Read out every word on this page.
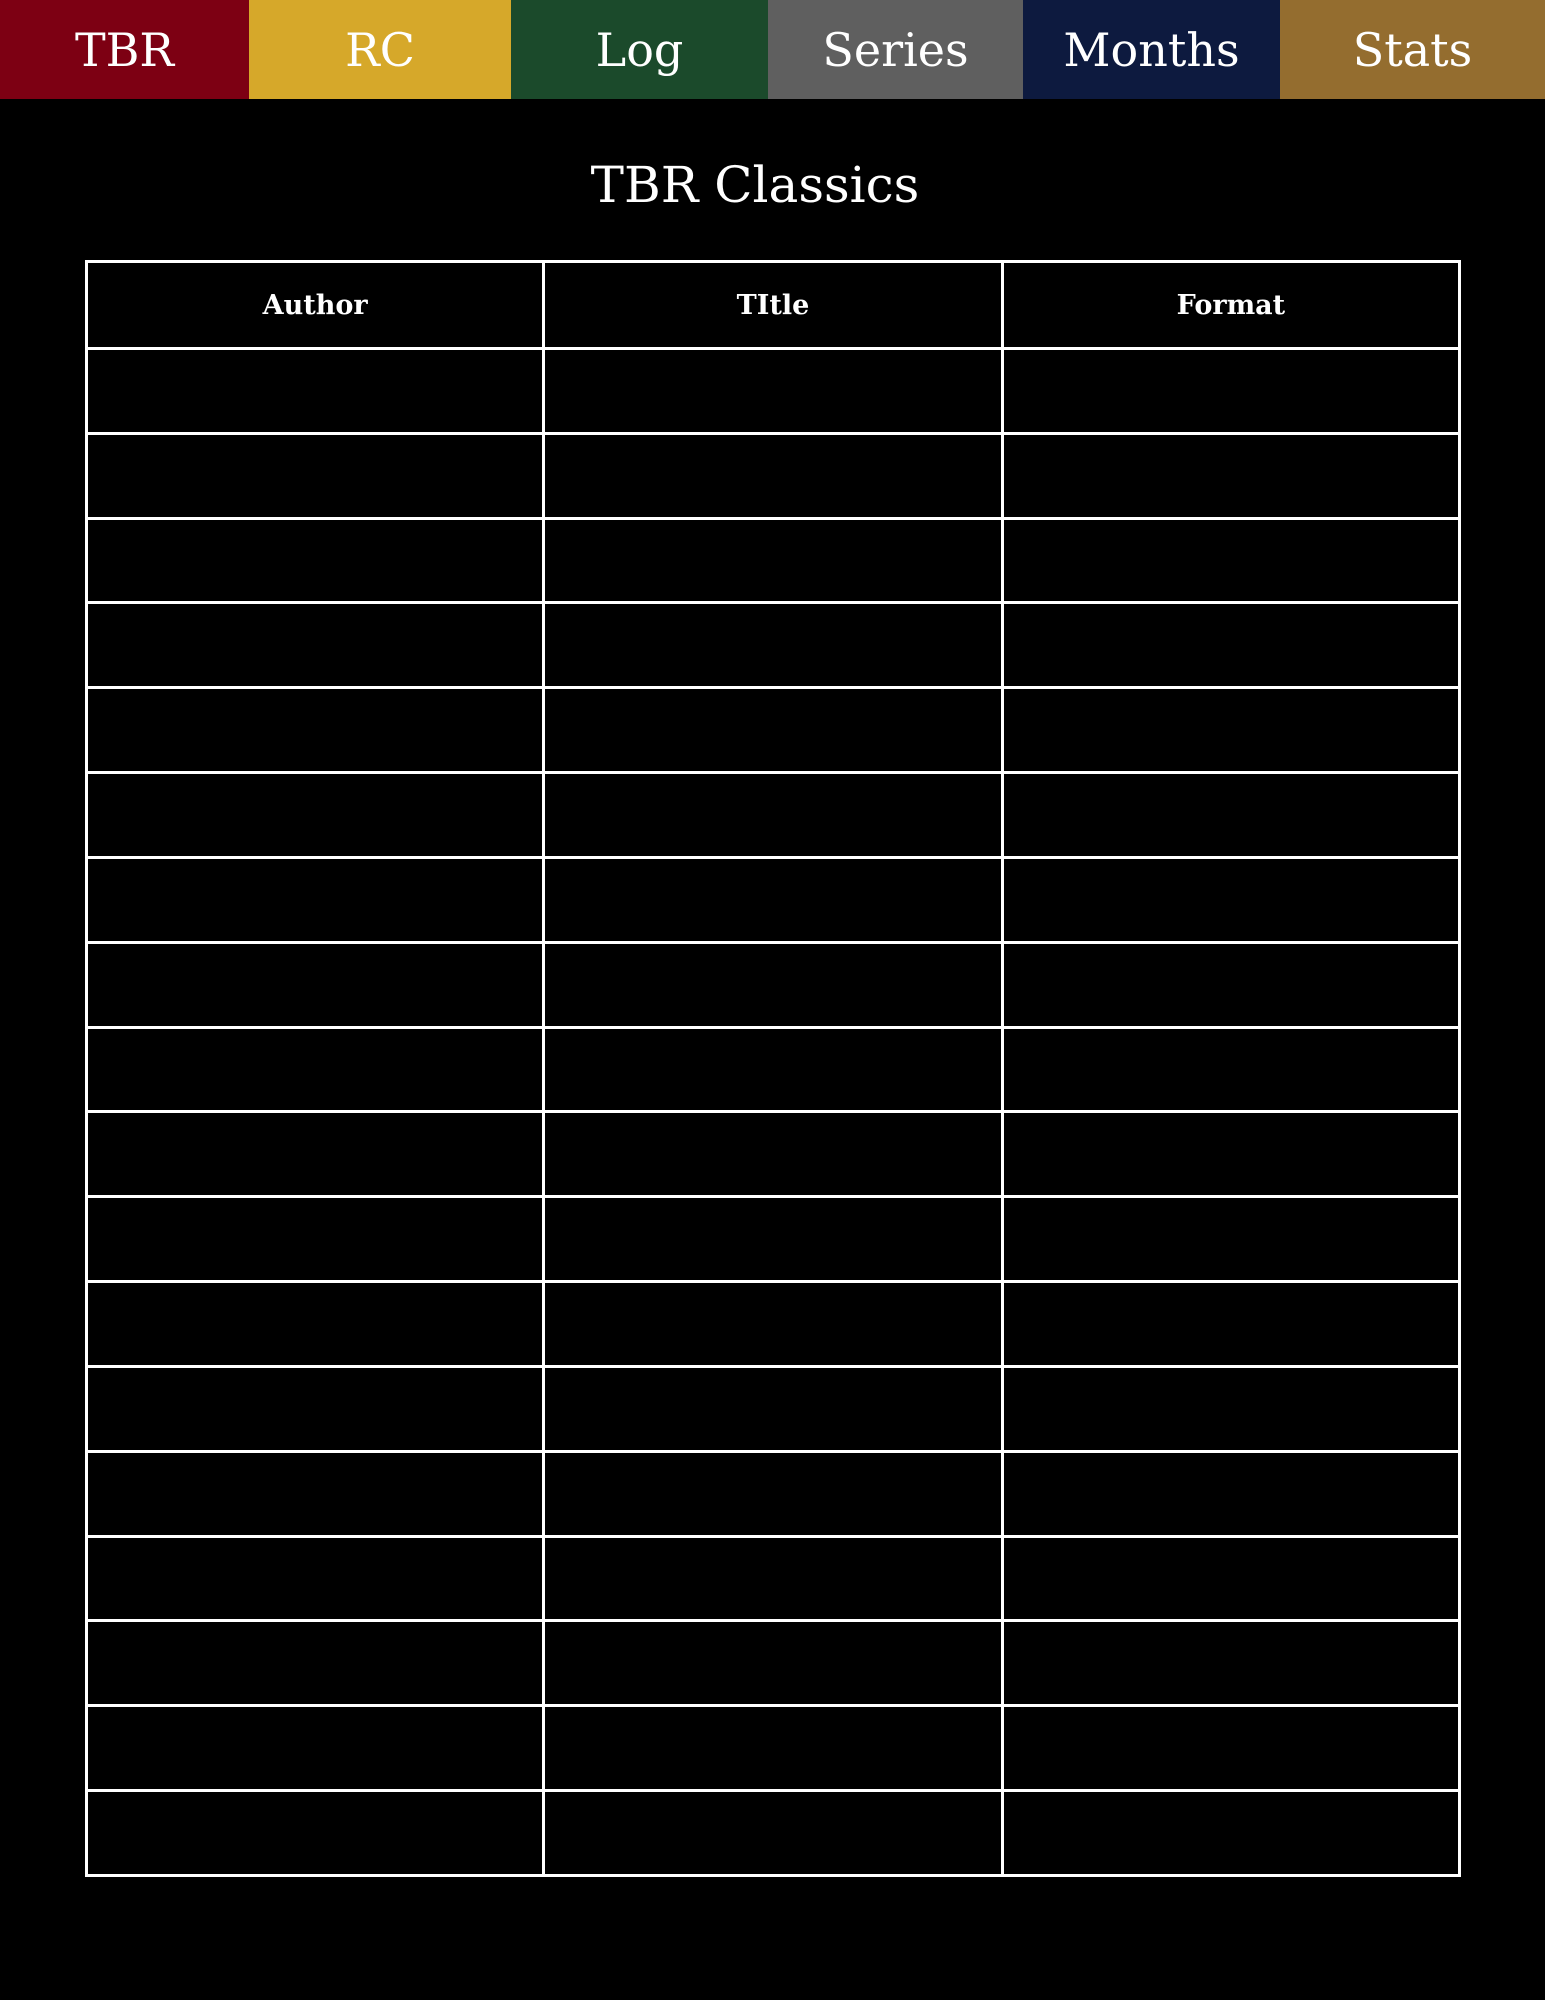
TBR	RC	Log	Series	Months	Stats
TBR Classics
Author	TItle	Format
